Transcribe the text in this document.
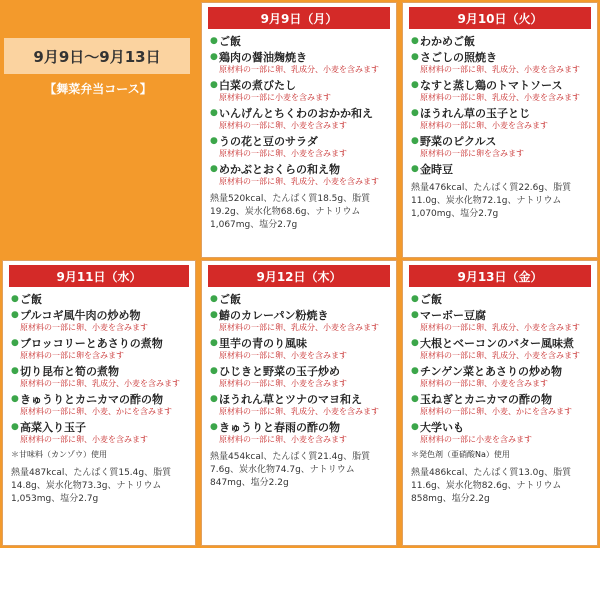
9月9日～9月13日
【舞菜弁当コース】
9月9日（月）
● ご飯
● 鶏肉の醤油麹焼き
原材料の一部に卵、乳成分、小麦を含みます
● 白菜の煮びたし
原材料の一部に小麦を含みます
● いんげんとちくわのおかか和え
原材料の一部に卵、小麦を含みます
● うの花と豆のサラダ
原材料の一部に卵、小麦を含みます
● めかぶとおくらの和え物
原材料の一部に卵、乳成分、小麦を含みます
熱量520kcal、たんぱく質18.5g、脂質19.2g、炭水化物68.6g、ナトリウム1,067mg、塩分2.7g
9月10日（火）
● わかめご飯
● さごしの照焼き
原材料の一部に卵、乳成分、小麦を含みます
● なすと蒸し鶏のトマトソース
原材料の一部に卵、乳成分、小麦を含みます
● ほうれん草の玉子とじ
原材料の一部に卵、小麦を含みます
● 野菜のピクルス
原材料の一部に卵を含みます
● 金時豆
熱量476kcal、たんぱく質22.6g、脂質11.0g、炭水化物72.1g、ナトリウム1,070mg、塩分2.7g
9月11日（水）
● ご飯
● プルコギ風牛肉の炒め物
原材料の一部に卵、小麦を含みます
● ブロッコリーとあさりの煮物
原材料の一部に卵を含みます
● 切り昆布と筍の煮物
原材料の一部に卵、乳成分、小麦を含みます
● きゅうりとカニカマの酢の物
原材料の一部に卵、小麦、かにを含みます
● 高菜入り玉子
原材料の一部に卵、小麦を含みます
＊甘味料（カンゾウ）使用
熱量487kcal、たんぱく質15.4g、脂質14.8g、炭水化物73.3g、ナトリウム1,053mg、塩分2.7g
9月12日（木）
● ご飯
● 鰆のカレーパン粉焼き
原材料の一部に卵、乳成分、小麦を含みます
● 里芋の青のり風味
原材料の一部に卵、小麦を含みます
● ひじきと野菜の玉子炒め
原材料の一部に卵、小麦を含みます
● ほうれん草とツナのマヨ和え
原材料の一部に卵、乳成分、小麦を含みます
● きゅうりと春雨の酢の物
原材料の一部に卵、小麦を含みます
熱量454kcal、たんぱく質21.4g、脂質7.6g、炭水化物74.7g、ナトリウム847mg、塩分2.2g
9月13日（金）
● ご飯
● マーボー豆腐
原材料の一部に卵、乳成分、小麦を含みます
● 大根とベーコンのバター風味煮
原材料の一部に卵、乳成分、小麦を含みます
● チンゲン菜とあさりの炒め物
原材料の一部に卵、小麦を含みます
● 玉ねぎとカニカマの酢の物
原材料の一部に卵、小麦、かにを含みます
● 大学いも
原材料の一部に小麦を含みます
＊発色剤（亜硝酸Na）使用
熱量486kcal、たんぱく質13.0g、脂質11.6g、炭水化物82.6g、ナトリウム858mg、塩分2.2g
